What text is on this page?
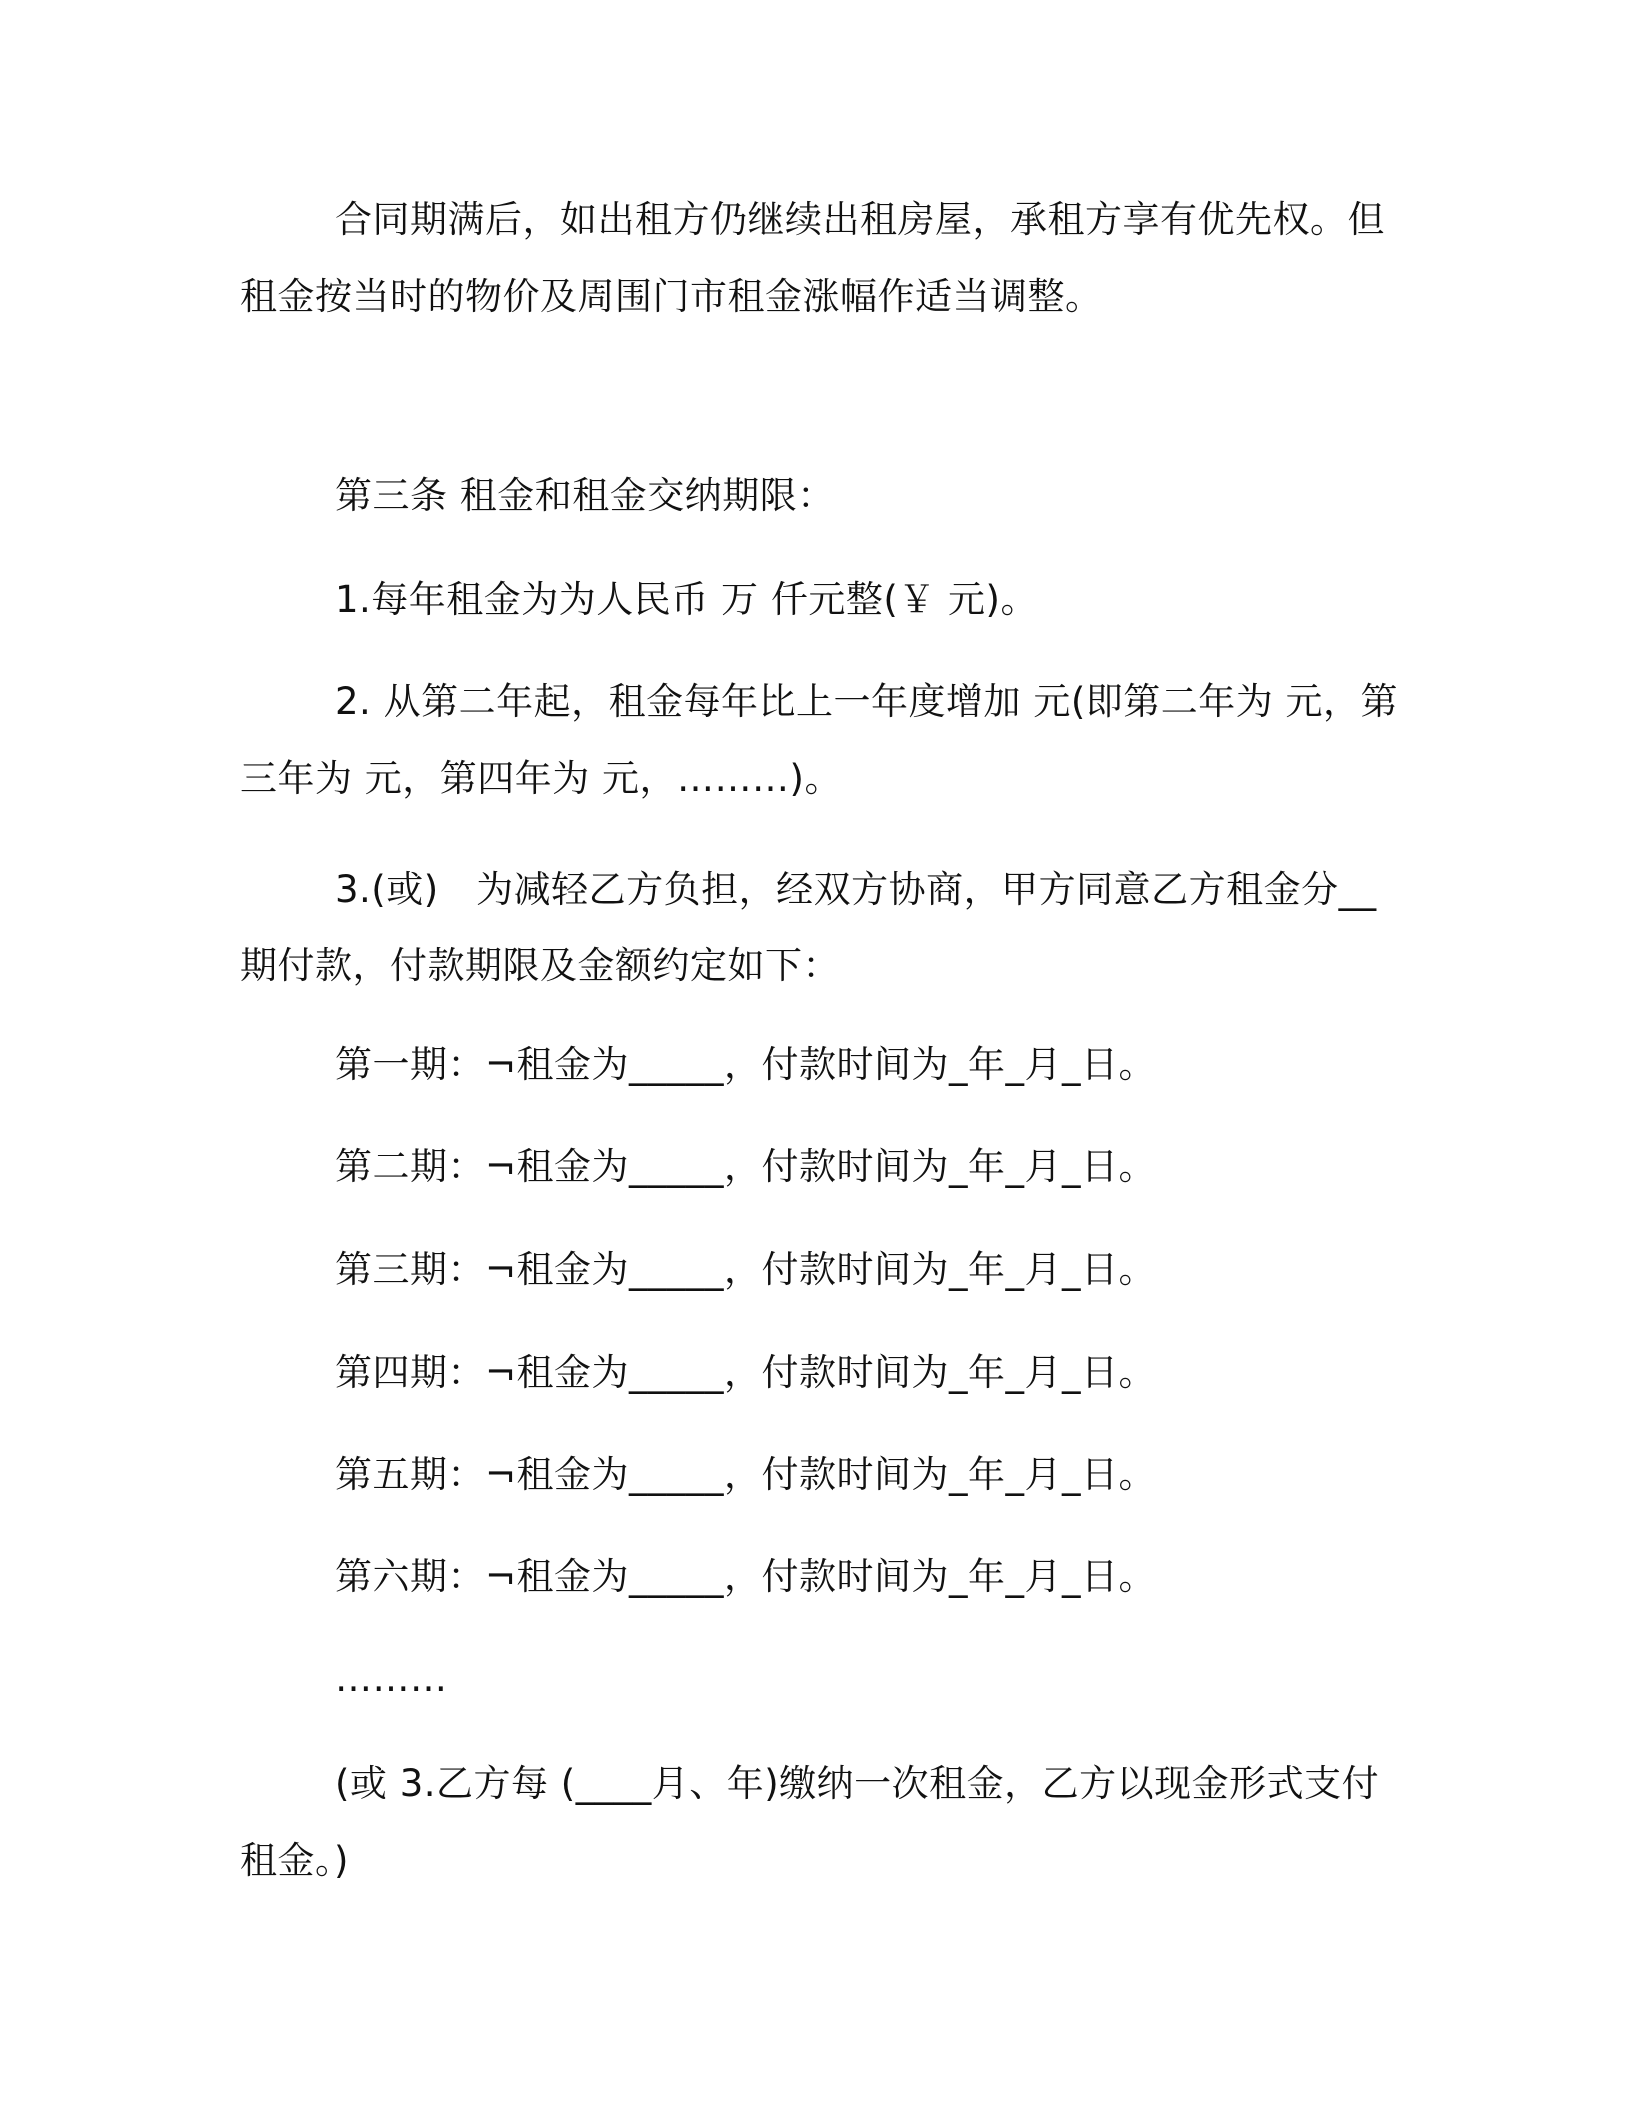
合同期满后，如出租方仍继续出租房屋，承租方享有优先权。但
租金按当时的物价及周围门市租金涨幅作适当调整。
第三条 租金和租金交纳期限：
1.每年租金为为人民币 万 仟元整(￥ 元)。
2. 从第二年起，租金每年比上一年度增加 元(即第二年为 元，第
三年为 元，第四年为 元，………)。
3.(或)　为减轻乙方负担，经双方协商，甲方同意乙方租金分__
期付款，付款期限及金额约定如下：
第一期：¬租金为_____，付款时间为_年_月_日。
第二期：¬租金为_____，付款时间为_年_月_日。
第三期：¬租金为_____，付款时间为_年_月_日。
第四期：¬租金为_____，付款时间为_年_月_日。
第五期：¬租金为_____，付款时间为_年_月_日。
第六期：¬租金为_____，付款时间为_年_月_日。
………
(或 3.乙方每 (____月、年)缴纳一次租金，乙方以现金形式支付
租金。)
